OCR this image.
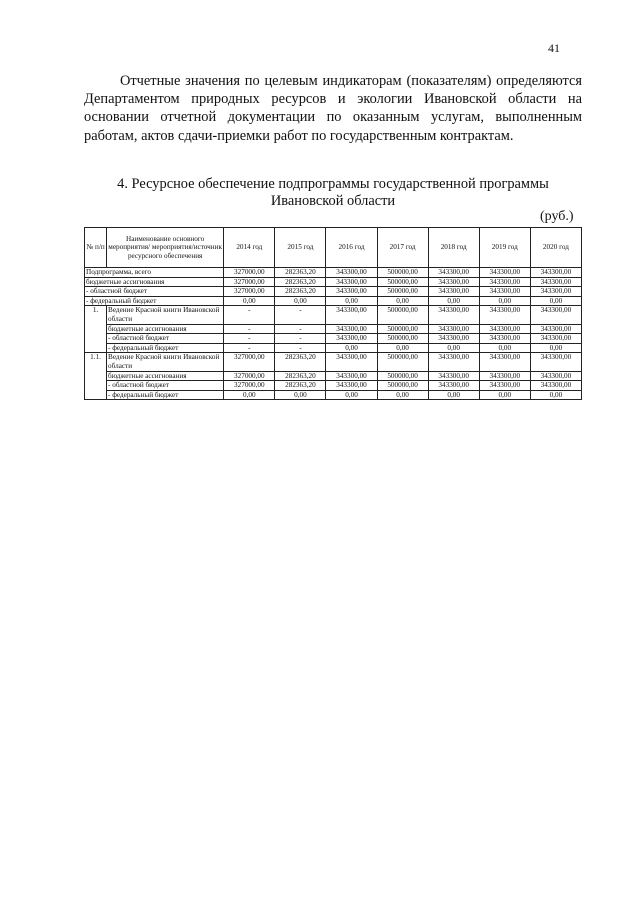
41

Отчетные значения по целевым индикаторам (показателям) определяются Департаментом природных ресурсов и экологии Ивановской области на основании отчетной документации по оказанным услугам, выполненным работам, актов сдачи-приемки работ по государственным контрактам.

4. Ресурсное обеспечение подпрограммы государственной программы
Ивановской области
(руб.)
№ п/п	Наименование основного мероприятия/ мероприятия/источник ресурсного обеспечения	2014 год	2015 год	2016 год	2017 год	2018 год	2019 год	2020 год
Подпрограмма, всего		327000,00	282363,20	343300,00	500000,00	343300,00	343300,00	343300,00
бюджетные ассигнования		327000,00	282363,20	343300,00	500000,00	343300,00	343300,00	343300,00
- областной бюджет		327000,00	282363,20	343300,00	500000,00	343300,00	343300,00	343300,00
- федеральный бюджет		0,00	0,00	0,00	0,00	0,00	0,00	0,00
1.	Ведение Красной книги Ивановской области	-	-	343300,00	500000,00	343300,00	343300,00	343300,00
	бюджетные ассигнования	-	-	343300,00	500000,00	343300,00	343300,00	343300,00
	- областной бюджет	-	-	343300,00	500000,00	343300,00	343300,00	343300,00
	- федеральный бюджет	-	-	0,00	0,00	0,00	0,00	0,00
1.1.	Ведение Красной книги Ивановской области	327000,00	282363,20	343300,00	500000,00	343300,00	343300,00	343300,00
	бюджетные ассигнования	327000,00	282363,20	343300,00	500000,00	343300,00	343300,00	343300,00
	- областной бюджет	327000,00	282363,20	343300,00	500000,00	343300,00	343300,00	343300,00
	- федеральный бюджет	0,00	0,00	0,00	0,00	0,00	0,00	0,00
